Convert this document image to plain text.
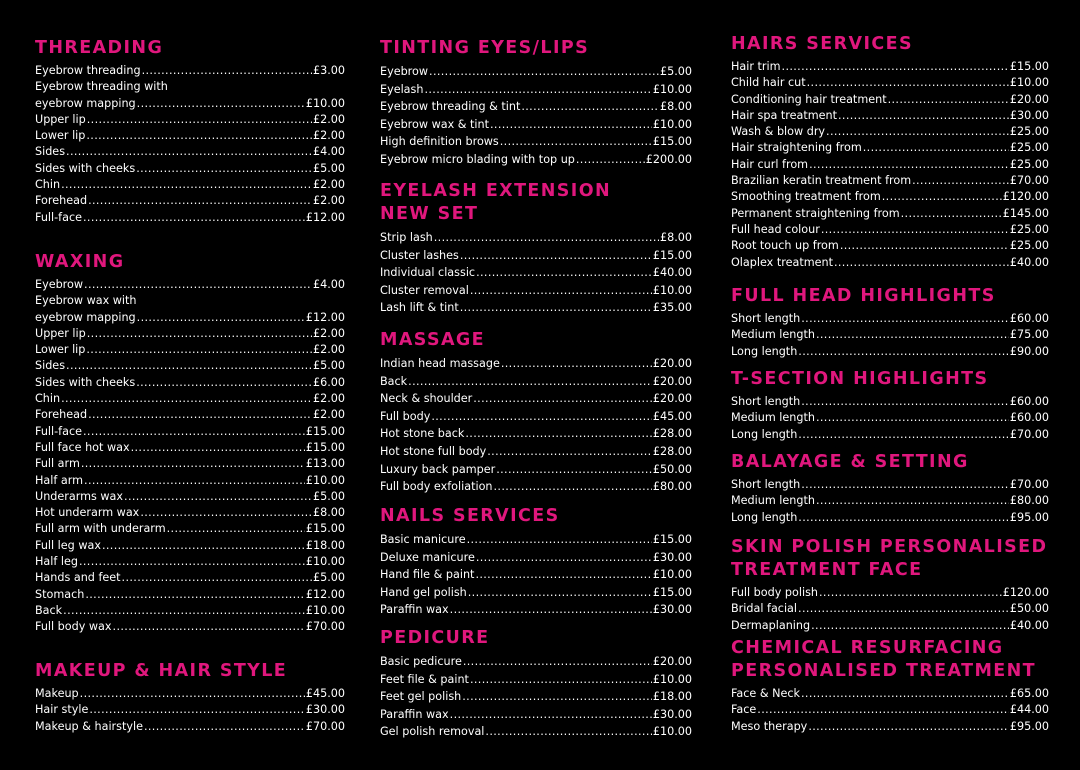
THREADING
Eyebrow threading . . .	£3.00
Eyebrow threading with
eyebrow mapping . . .	£10.00
Upper lip . . .	£2.00
Lower lip . . .	£2.00
Sides . . .	£4.00
Sides with cheeks . . .	£5.00
Chin . . .	£2.00
Forehead . . .	£2.00
Full-face . . .	£12.00
WAXING
Eyebrow . . .	£4.00
Eyebrow wax with
eyebrow mapping . . .	£12.00
Upper lip . . .	£2.00
Lower lip . . .	£2.00
Sides . . .	£5.00
Sides with cheeks . . .	£6.00
Chin . . .	£2.00
Forehead . . .	£2.00
Full-face . . .	£15.00
Full face hot wax . . .	£15.00
Full arm . . .	£13.00
Half arm . . .	£10.00
Underarms wax . . .	£5.00
Hot underarm wax . . .	£8.00
Full arm with underarm . . .	£15.00
Full leg wax . . .	£18.00
Half leg . . .	£10.00
Hands and feet . . .	£5.00
Stomach . . .	£12.00
Back . . .	£10.00
Full body wax . . .	£70.00
MAKEUP & HAIR STYLE
Makeup . . .	£45.00
Hair style . . .	£30.00
Makeup & hairstyle . . .	£70.00
TINTING EYES/LIPS
Eyebrow . . .	£5.00
Eyelash . . .	£10.00
Eyebrow threading & tint . . .	£8.00
Eyebrow wax & tint . . .	£10.00
High definition brows . . .	£15.00
Eyebrow micro blading with top up . . .	£200.00
EYELASH EXTENSION
NEW SET
Strip lash . . .	£8.00
Cluster lashes . . .	£15.00
Individual classic . . .	£40.00
Cluster removal . . .	£10.00
Lash lift & tint . . .	£35.00
MASSAGE
Indian head massage . . .	£20.00
Back . . .	£20.00
Neck & shoulder . . .	£20.00
Full body . . .	£45.00
Hot stone back . . .	£28.00
Hot stone full body . . .	£28.00
Luxury back pamper . . .	£50.00
Full body exfoliation . . .	£80.00
NAILS SERVICES
Basic manicure . . .	£15.00
Deluxe manicure . . .	£30.00
Hand file & paint . . .	£10.00
Hand gel polish . . .	£15.00
Paraffin wax . . .	£30.00
PEDICURE
Basic pedicure . . .	£20.00
Feet file & paint . . .	£10.00
Feet gel polish . . .	£18.00
Paraffin wax . . .	£30.00
Gel polish removal . . .	£10.00
HAIRS SERVICES
Hair trim . . .	£15.00
Child hair cut . . .	£10.00
Conditioning hair treatment . . .	£20.00
Hair spa treatment . . .	£30.00
Wash & blow dry . . .	£25.00
Hair straightening from . . .	£25.00
Hair curl from . . .	£25.00
Brazilian keratin treatment from . . .	£70.00
Smoothing treatment from . . .	£120.00
Permanent straightening from . . .	£145.00
Full head colour . . .	£25.00
Root touch up from . . .	£25.00
Olaplex treatment . . .	£40.00
FULL HEAD HIGHLIGHTS
Short length . . .	£60.00
Medium length . . .	£75.00
Long length . . .	£90.00
T-SECTION HIGHLIGHTS
Short length . . .	£60.00
Medium length . . .	£60.00
Long length . . .	£70.00
BALAYAGE & SETTING
Short length . . .	£70.00
Medium length . . .	£80.00
Long length . . .	£95.00
SKIN POLISH PERSONALISED
TREATMENT FACE
Full body polish . . .	£120.00
Bridal facial . . .	£50.00
Dermaplaning . . .	£40.00
CHEMICAL RESURFACING
PERSONALISED TREATMENT
Face & Neck . . .	£65.00
Face . . .	£44.00
Meso therapy . . .	£95.00
